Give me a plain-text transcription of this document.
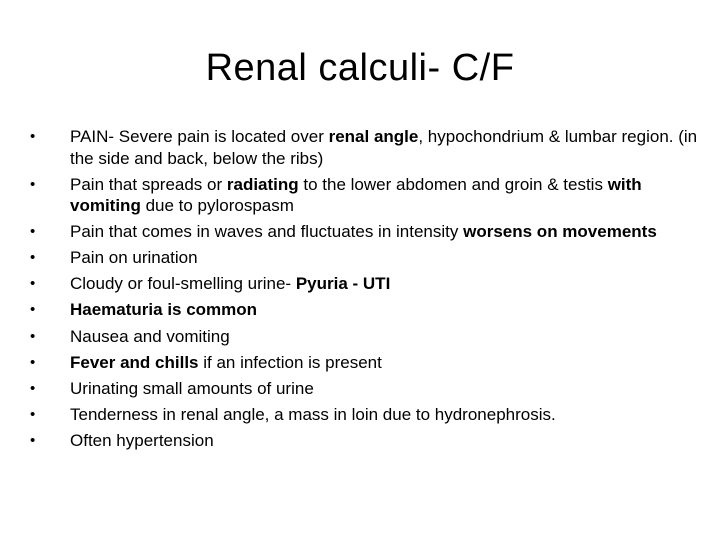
Renal calculi- C/F
• PAIN- Severe pain is located over renal angle, hypochondrium & lumbar region. (in the side and back, below the ribs)
• Pain that spreads or radiating to the lower abdomen and groin & testis with vomiting due to pylorospasm
• Pain that comes in waves and fluctuates in intensity worsens on movements
• Pain on urination
• Cloudy or foul-smelling urine- Pyuria - UTI
• Haematuria is common
• Nausea and vomiting
• Fever and chills if an infection is present
• Urinating small amounts of urine
• Tenderness in renal angle, a mass in loin due to hydronephrosis.
• Often hypertension
